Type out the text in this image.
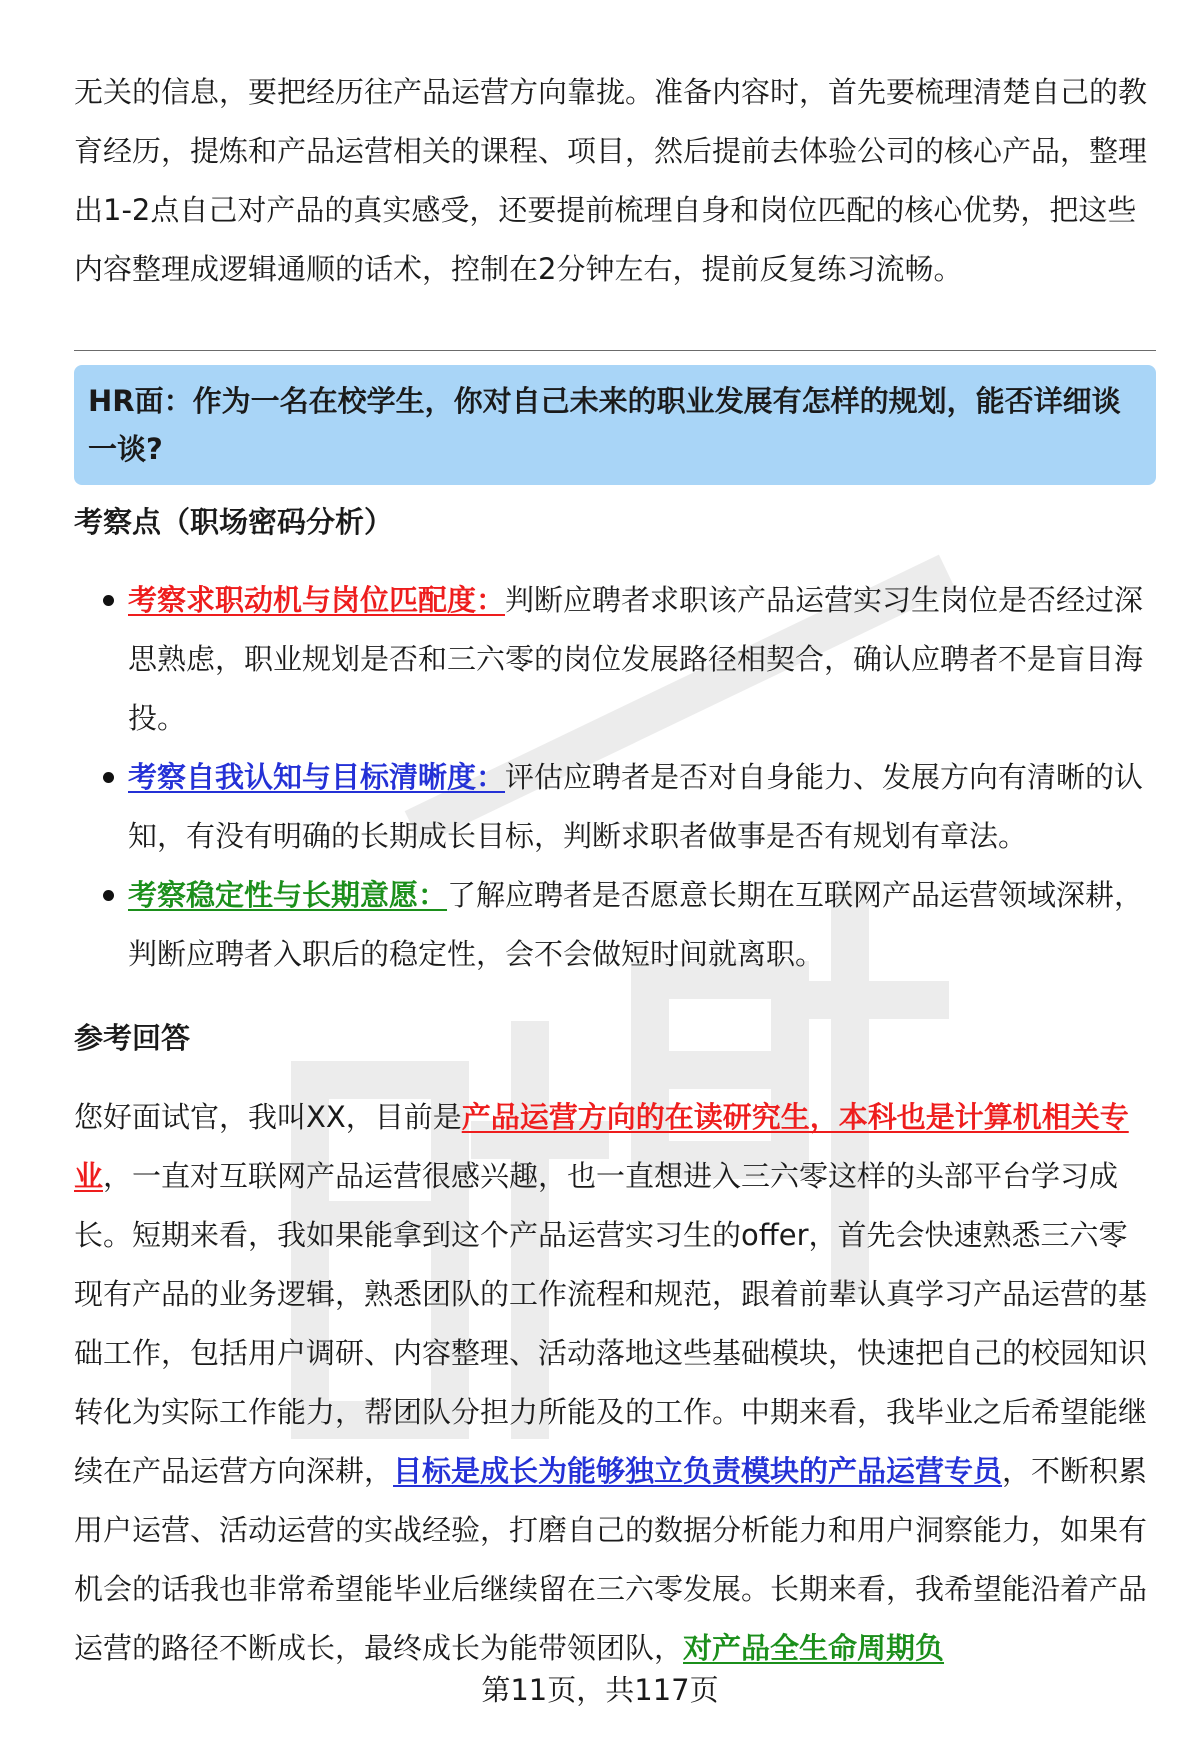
无关的信息，要把经历往产品运营方向靠拢。准备内容时，首先要梳理清楚自己的教育经历，提炼和产品运营相关的课程、项目，然后提前去体验公司的核心产品，整理出1-2点自己对产品的真实感受，还要提前梳理自身和岗位匹配的核心优势，把这些内容整理成逻辑通顺的话术，控制在2分钟左右，提前反复练习流畅。

HR面：作为一名在校学生，你对自己未来的职业发展有怎样的规划，能否详细谈一谈?

考察点（职场密码分析）
考察求职动机与岗位匹配度：判断应聘者求职该产品运营实习生岗位是否经过深思熟虑，职业规划是否和三六零的岗位发展路径相契合，确认应聘者不是盲目海投。
考察自我认知与目标清晰度：评估应聘者是否对自身能力、发展方向有清晰的认知，有没有明确的长期成长目标，判断求职者做事是否有规划有章法。
考察稳定性与长期意愿：了解应聘者是否愿意长期在互联网产品运营领域深耕，判断应聘者入职后的稳定性，会不会做短时间就离职。
参考回答

您好面试官，我叫XX，目前是产品运营方向的在读研究生，本科也是计算机相关专业，一直对互联网产品运营很感兴趣，也一直想进入三六零这样的头部平台学习成长。短期来看，我如果能拿到这个产品运营实习生的offer，首先会快速熟悉三六零现有产品的业务逻辑，熟悉团队的工作流程和规范，跟着前辈认真学习产品运营的基础工作，包括用户调研、内容整理、活动落地这些基础模块，快速把自己的校园知识转化为实际工作能力，帮团队分担力所能及的工作。中期来看，我毕业之后希望能继续在产品运营方向深耕，目标是成长为能够独立负责模块的产品运营专员，不断积累用户运营、活动运营的实战经验，打磨自己的数据分析能力和用户洞察能力，如果有机会的话我也非常希望能毕业后继续留在三六零发展。长期来看，我希望能沿着产品运营的路径不断成长，最终成长为能带领团队，对产品全生命周期负

第11页，共117页
